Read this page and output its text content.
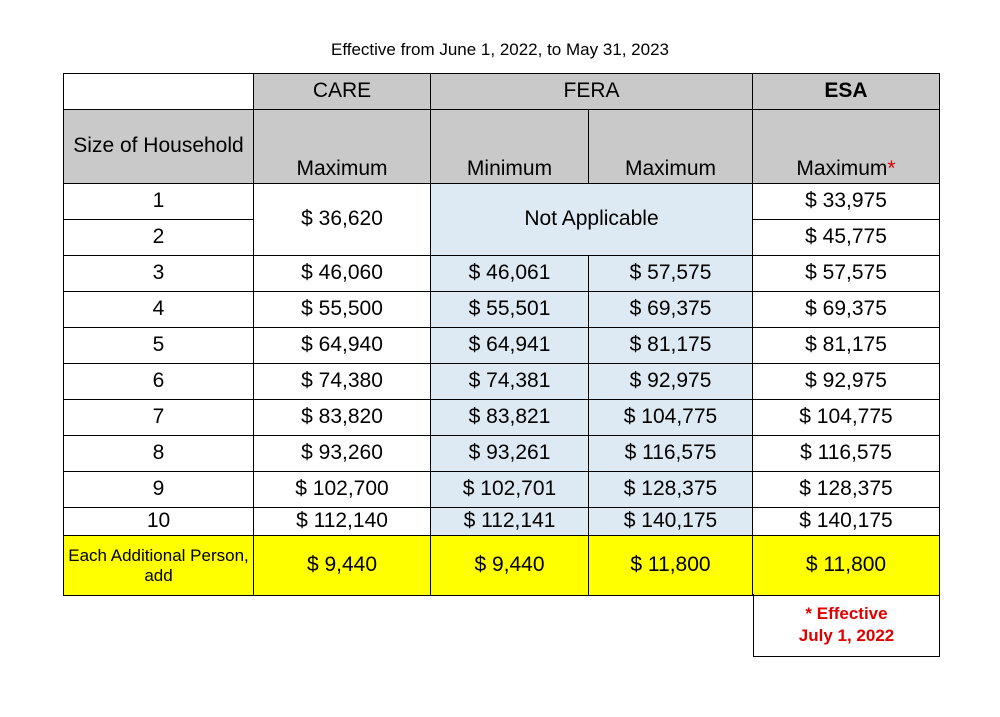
Effective from June 1, 2022, to May 31, 2023
	CARE	FERA		ESA
Size of Household	Maximum	Minimum	Maximum	Maximum*
1	$ 36,620	Not Applicable		$ 33,975
2				$ 45,775
3	$ 46,060	$ 46,061	$ 57,575	$ 57,575
4	$ 55,500	$ 55,501	$ 69,375	$ 69,375
5	$ 64,940	$ 64,941	$ 81,175	$ 81,175
6	$ 74,380	$ 74,381	$ 92,975	$ 92,975
7	$ 83,820	$ 83,821	$ 104,775	$ 104,775
8	$ 93,260	$ 93,261	$ 116,575	$ 116,575
9	$ 102,700	$ 102,701	$ 128,375	$ 128,375
10	$ 112,140	$ 112,141	$ 140,175	$ 140,175
Each Additional Person, add	$ 9,440	$ 9,440	$ 11,800	$ 11,800
* Effective
July 1, 2022
